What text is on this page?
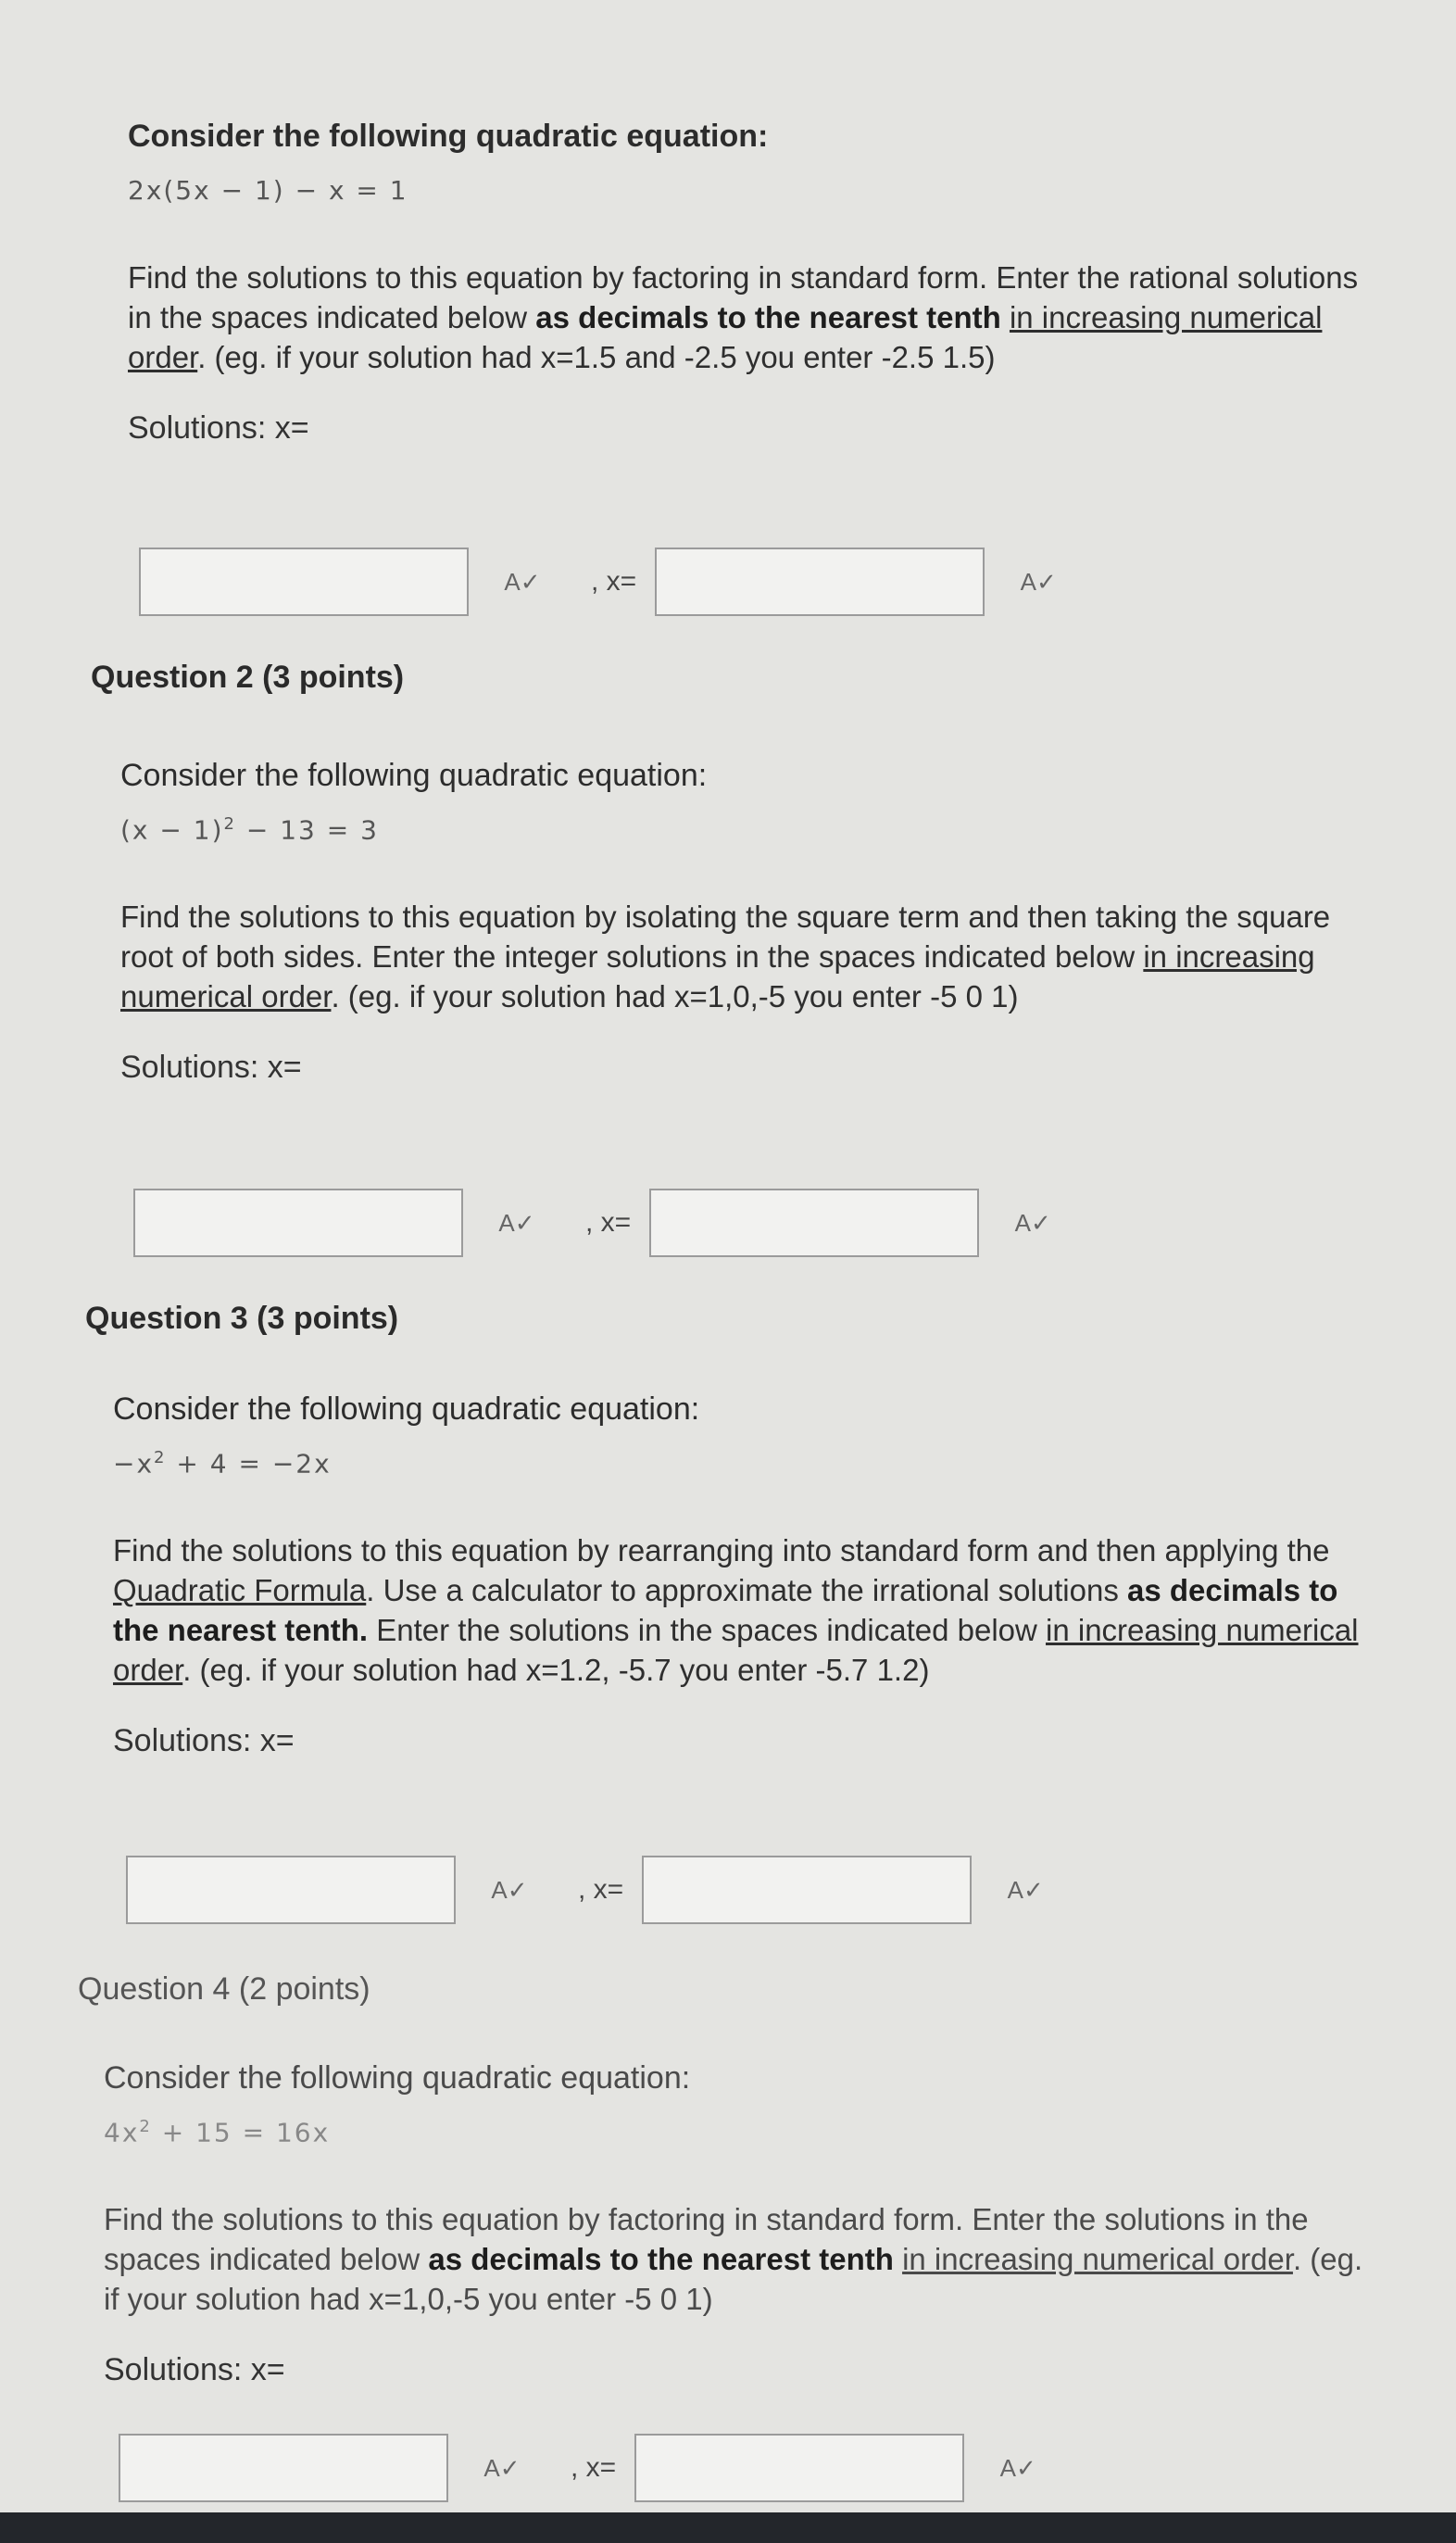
Consider the following quadratic equation:
2x(5x − 1) − x = 1
Find the solutions to this equation by factoring in standard form. Enter the rational solutions in the spaces indicated below as decimals to the nearest tenth in increasing numerical order. (eg. if your solution had x=1.5 and -2.5 you enter -2.5 1.5)
Solutions: x=
A✓ , x=	A✓
Question 2 (3 points)
Consider the following quadratic equation:
$(x - 1)^2 - 13 = 3$
Find the solutions to this equation by isolating the square term and then taking the square root of both sides. Enter the integer solutions in the spaces indicated below in increasing numerical order. (eg. if your solution had x=1,0,-5 you enter -5 0 1)
Solutions: x=
A✓ , x=	A✓
Question 3 (3 points)
Consider the following quadratic equation:
$-x^2 + 4 = -2x$
Find the solutions to this equation by rearranging into standard form and then applying the Quadratic Formula. Use a calculator to approximate the irrational solutions as decimals to the nearest tenth. Enter the solutions in the spaces indicated below in increasing numerical order. (eg. if your solution had x=1.2, -5.7 you enter -5.7 1.2)
Solutions: x=
A✓ , x=	A✓
Question 4 (2 points)
Consider the following quadratic equation:
$4x^2 + 15 = 16x$
Find the solutions to this equation by factoring in standard form. Enter the solutions in the spaces indicated below as decimals to the nearest tenth in increasing numerical order. (eg. if your solution had x=1,0,-5 you enter -5 0 1)
Solutions: x=
A✓ , x=	A✓
